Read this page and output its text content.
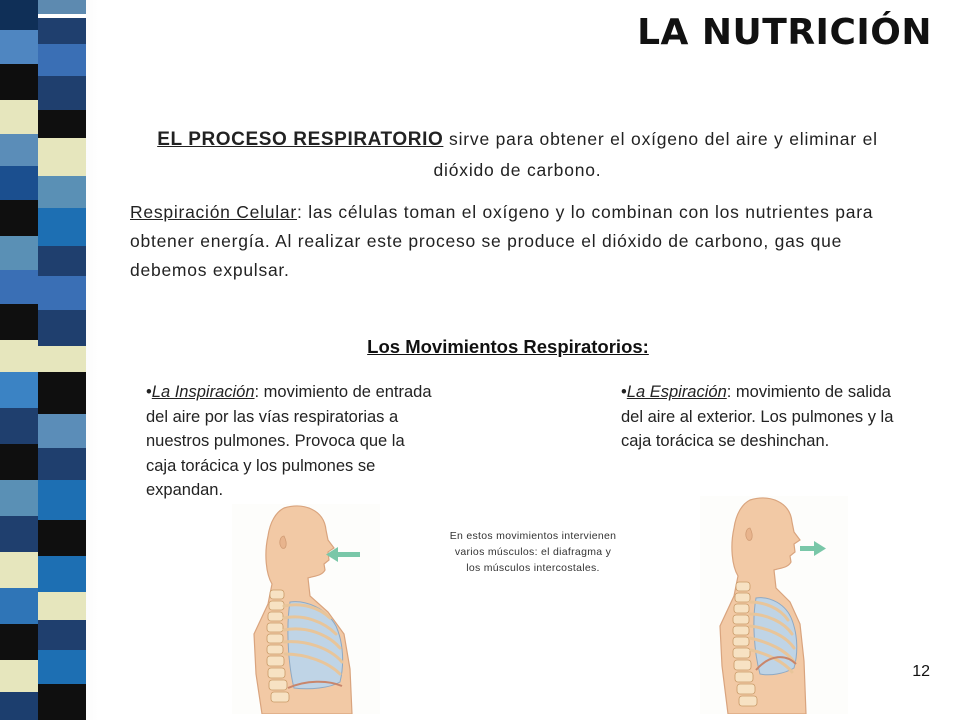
LA NUTRICIÓN

EL PROCESO RESPIRATORIO sirve para obtener el oxígeno del aire y eliminar el dióxido de carbono.

Respiración Celular: las células toman el oxígeno y lo combinan con los nutrientes para obtener energía. Al realizar este proceso se produce el dióxido de carbono, gas que debemos expulsar.

Los Movimientos Respiratorios:
•La Inspiración: movimiento de entrada del aire por las vías respiratorias a nuestros pulmones. Provoca que la caja torácica y los pulmones se expandan.
•La Espiración: movimiento de salida del aire al exterior. Los pulmones y la caja torácica se deshinchan.
En estos movimientos intervienen varios músculos: el diafragma y los músculos intercostales.
12
